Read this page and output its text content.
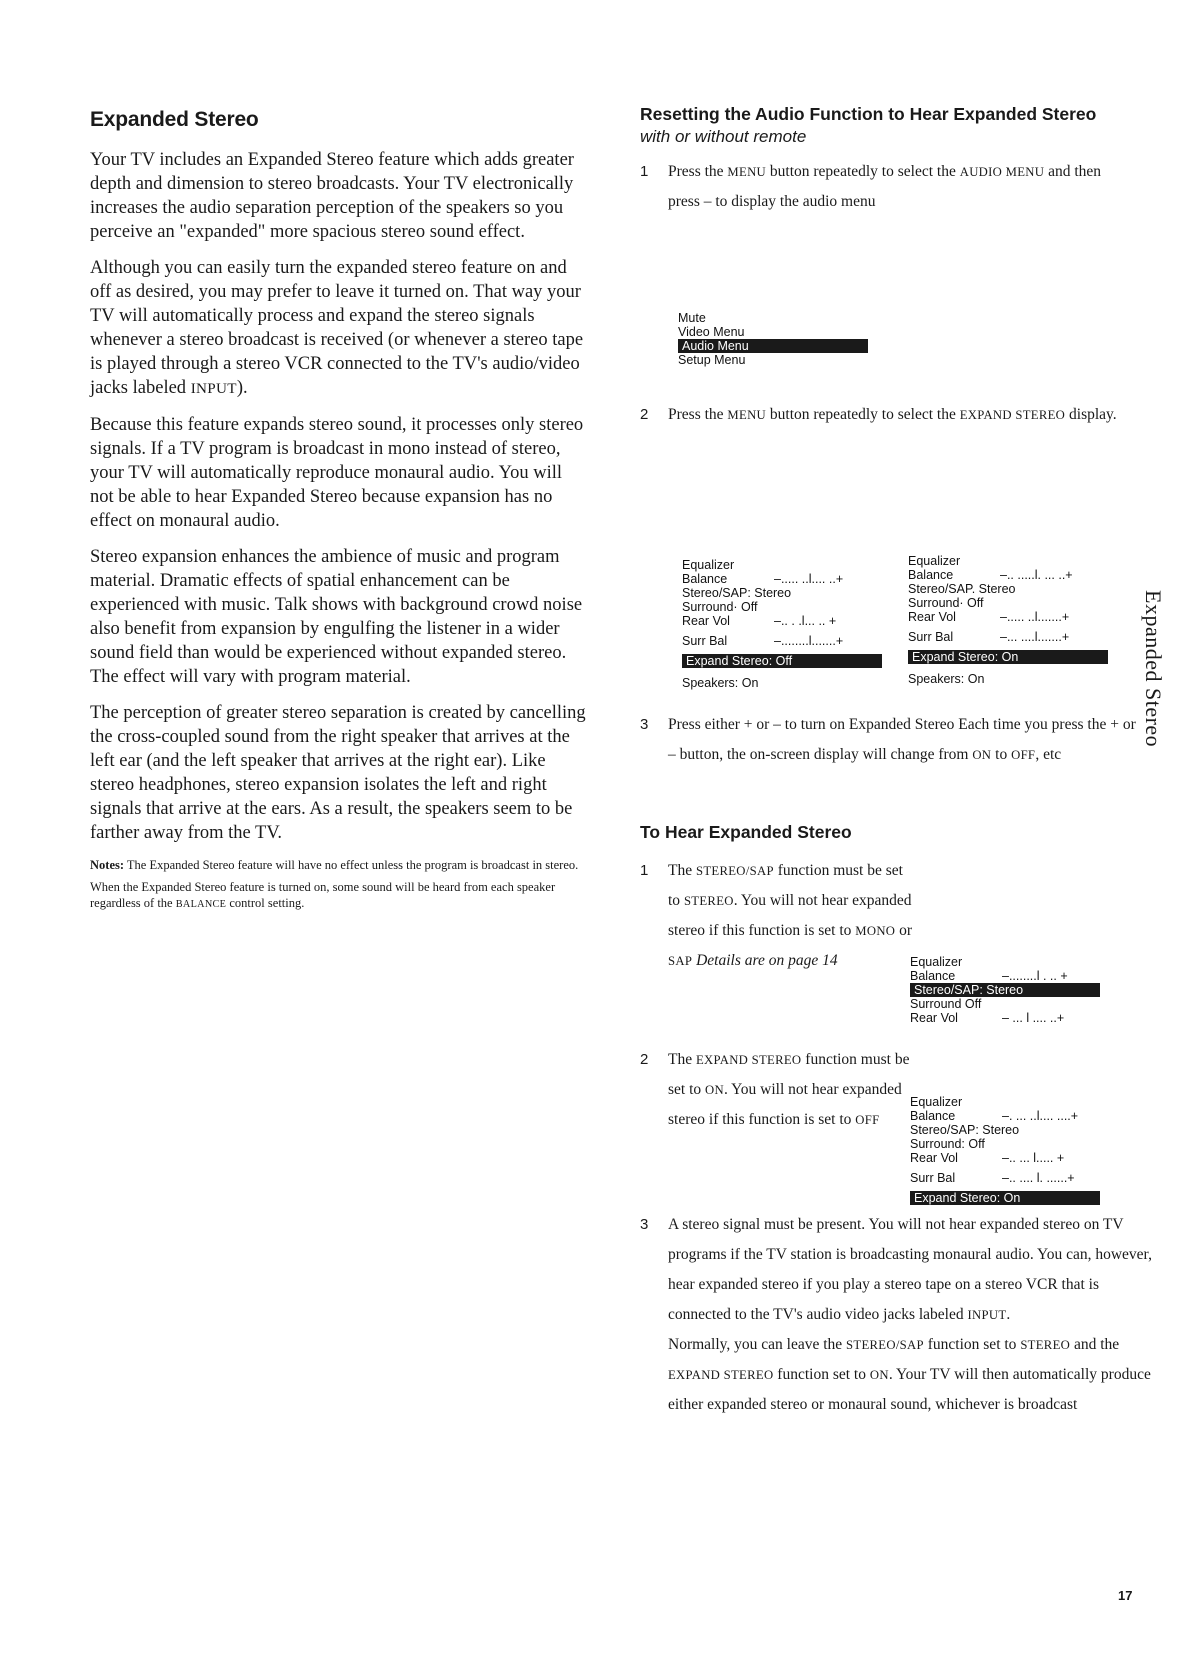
Expanded Stereo

Your TV includes an Expanded Stereo feature which adds greater depth and dimension to stereo broadcasts. Your TV electronically increases the audio separation perception of the speakers so you perceive an "expanded" more spacious stereo sound effect.

Although you can easily turn the expanded stereo feature on and off as desired, you may prefer to leave it turned on. That way your TV will automatically process and expand the stereo signals whenever a stereo broadcast is received (or whenever a stereo tape is played through a stereo VCR connected to the TV's audio/video jacks labeled INPUT).

Because this feature expands stereo sound, it processes only stereo signals. If a TV program is broadcast in mono instead of stereo, your TV will automatically reproduce monaural audio. You will not be able to hear Expanded Stereo because expansion has no effect on monaural audio.

Stereo expansion enhances the ambience of music and program material. Dramatic effects of spatial enhancement can be experienced with music. Talk shows with background crowd noise also benefit from expansion by engulfing the listener in a wider sound field than would be experienced without expanded stereo. The effect will vary with program material.

The perception of greater stereo separation is created by cancelling the cross-coupled sound from the right speaker that arrives at the left ear (and the left speaker that arrives at the right ear). Like stereo headphones, stereo expansion isolates the left and right signals that arrive at the ears. As a result, the speakers seem to be farther away from the TV.

Notes: The Expanded Stereo feature will have no effect unless the program is broadcast in stereo.

When the Expanded Stereo feature is turned on, some sound will be heard from each speaker regardless of the BALANCE control setting.

Resetting the Audio Function to Hear Expanded Stereo
with or without remote
1 Press the MENU button repeatedly to select the AUDIO MENU and then press – to display the audio menu
Mute
Video Menu
Audio Menu
Setup Menu
2 Press the MENU button repeatedly to select the EXPAND STEREO display.
Equalizer
Balance	–..... ..l.... ..+
Stereo/SAP: Stereo
Surround· Off
Rear Vol	–.. . .l... .. +
Surr Bal	–........l.......+
Expand Stereo: Off
Speakers: On
Equalizer
Balance	–.. .....l. ... ..+
Stereo/SAP. Stereo
Surround· Off
Rear Vol	–..... ..l.......+
Surr Bal	–... ....l.......+
Expand Stereo: On
Speakers: On
3 Press either + or – to turn on Expanded Stereo Each time you press the + or – button, the on-screen display will change from ON to OFF, etc
To Hear Expanded Stereo
1 The STEREO/SAP function must be set to STEREO. You will not hear expanded stereo if this function is set to MONO or SAP Details are on page 14	Equalizer
Balance	–........l . .. +
Stereo/SAP: Stereo
Surround Off
Rear Vol	– ... l .... ..+
2 The EXPAND STEREO function must be set to ON. You will not hear expanded stereo if this function is set to OFF
Equalizer
Balance	–. ... ..l.... ....+
Stereo/SAP: Stereo
Surround: Off
Rear Vol	–.. ... l..... +
Surr Bal	–.. .... l. ......+
Expand Stereo: On
3 A stereo signal must be present. You will not hear expanded stereo on TV programs if the TV station is broadcasting monaural audio. You can, however, hear expanded stereo if you play a stereo tape on a stereo VCR that is connected to the TV's audio video jacks labeled INPUT.
Normally, you can leave the STEREO/SAP function set to STEREO and the EXPAND STEREO function set to ON. Your TV will then automatically produce either expanded stereo or monaural sound, whichever is broadcast
Expanded Stereo
17
